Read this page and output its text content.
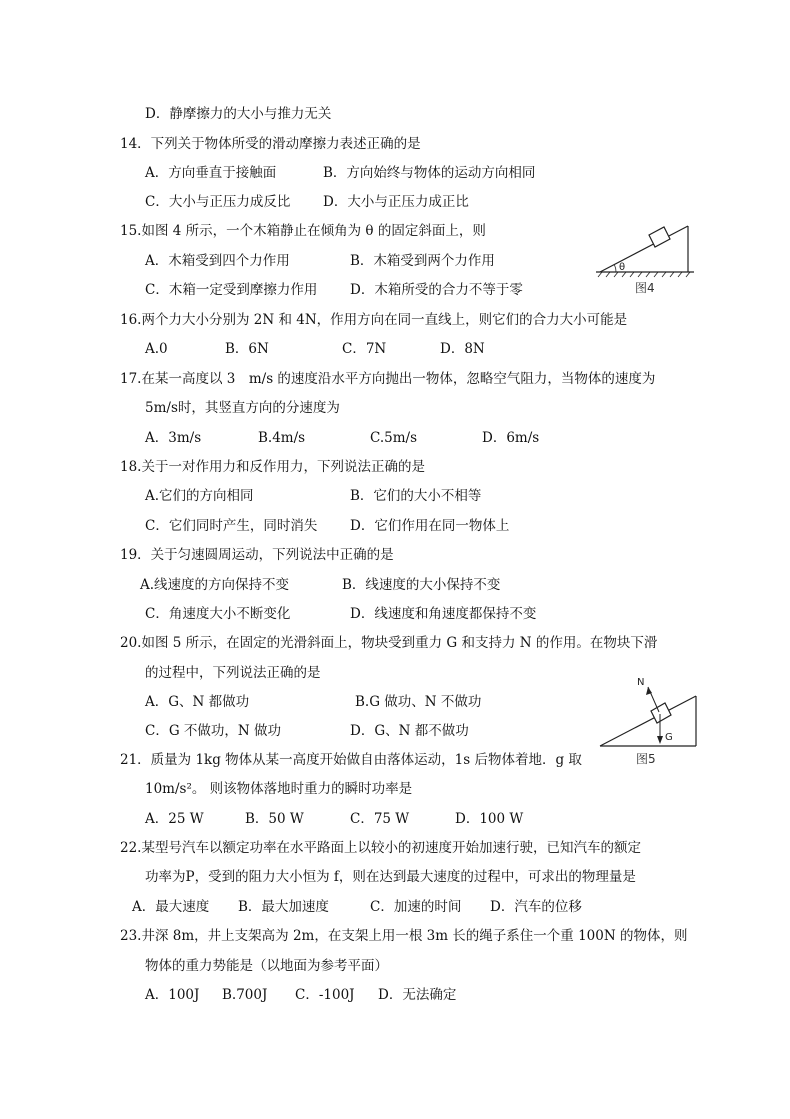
D．静摩擦力的大小与推力无关
14．下列关于物体所受的滑动摩擦力表述正确的是
A．方向垂直于接触面	B．方向始终与物体的运动方向相同
C．大小与正压力成反比 D．大小与正压力成正比
15.如图 4 所示，一个木箱静止在倾角为 θ 的固定斜面上，则
A．木箱受到四个力作用	B．木箱受到两个力作用
C．木箱一定受到摩擦力作用 D．木箱所受的合力不等于零
θ
图4
16.两个力大小分别为 2N 和 4N，作用方向在同一直线上，则它们的合力大小可能是
A.0	B．6N	C．7N	D．8N
17.在某一高度以 3　m/s 的速度沿水平方向抛出一物体，忽略空气阻力，当物体的速度为
5m/s时，其竖直方向的分速度为
A．3m/s	B.4m/s	C.5m/s	D．6m/s
18.关于一对作用力和反作用力，下列说法正确的是
A.它们的方向相同	B．它们的大小不相等
C．它们同时产生，同时消失 D．它们作用在同一物体上
19．关于匀速圆周运动，下列说法中正确的是
A.线速度的方向保持不变	B．线速度的大小保持不变
C．角速度大小不断变化	D．线速度和角速度都保持不变
20.如图 5 所示，在固定的光滑斜面上，物块受到重力 G 和支持力 N 的作用。在物块下滑
的过程中，下列说法正确的是
A．G、N 都做功	B.G 做功、N 不做功
C．G 不做功，N 做功	D．G、N 都不做功
N
G
图5
21．质量为 1kg 物体从某一高度开始做自由落体运动，1s 后物体着地．g 取
10m/s²。 则该物体落地时重力的瞬时功率是
A．25 W	B．50 W	C．75 W	D．100 W
22.某型号汽车以额定功率在水平路面上以较小的初速度开始加速行驶，已知汽车的额定
功率为P，受到的阻力大小恒为 f，则在达到最大速度的过程中，可求出的物理量是
A．最大速度 B．最大加速度	C．加速的时间 D．汽车的位移
23.井深 8m，井上支架高为 2m，在支架上用一根 3m 长的绳子系住一个重 100N 的物体，则
物体的重力势能是（以地面为参考平面）
A．100J B.700J C．-100J D．无法确定
